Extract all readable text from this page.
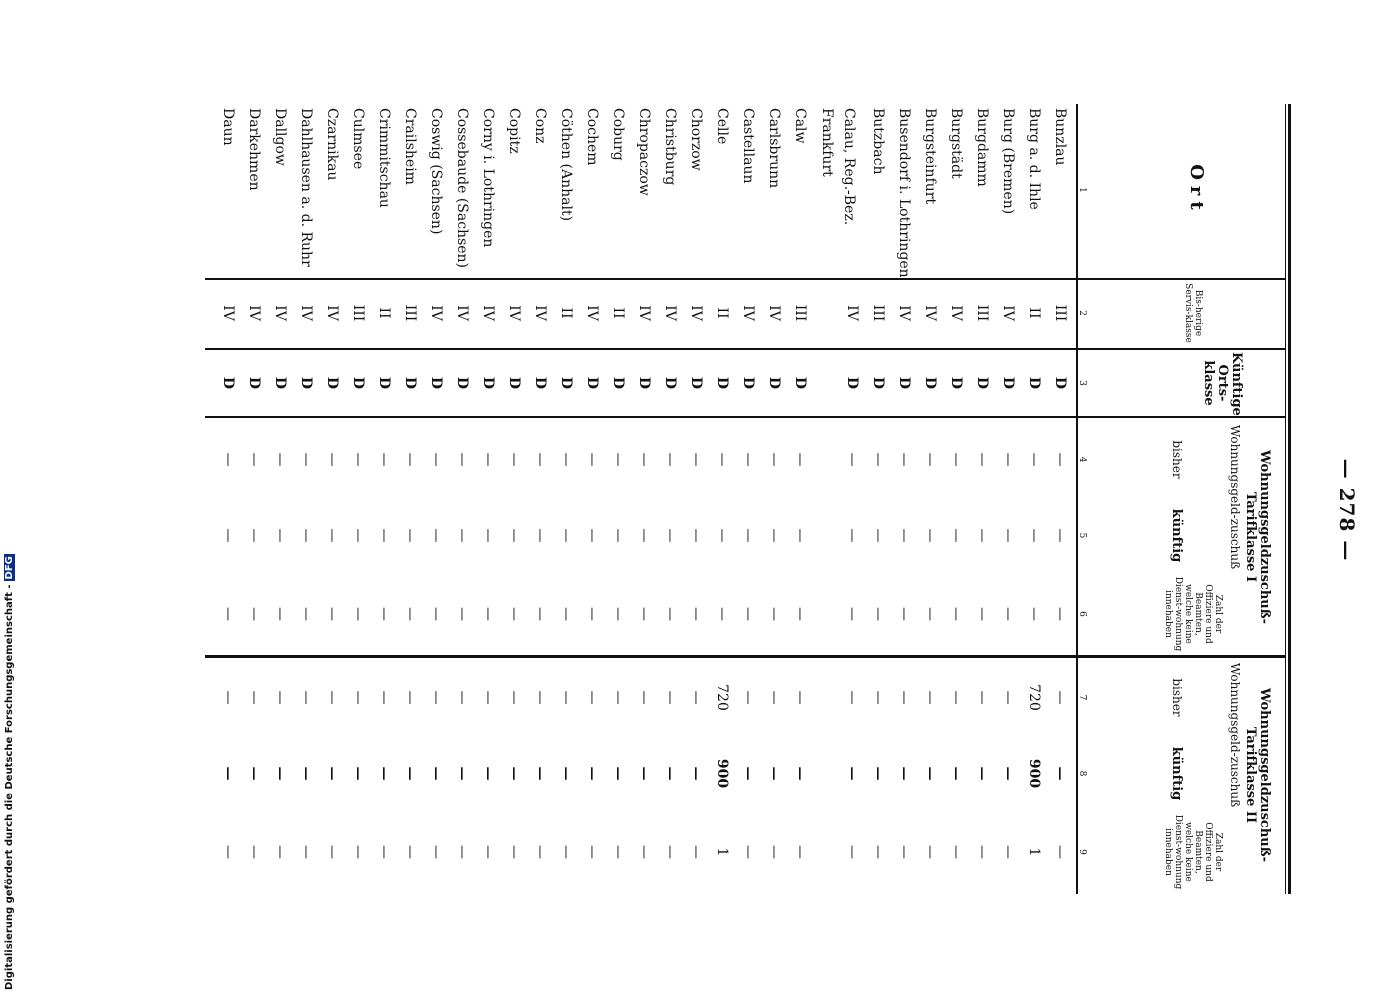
— 278 —
Ort
Bis-herige Servis-klasse
Künftige Orts-klasse
Wohnungsgeldzuschuß-Tarifklasse I
Wohnungsgeld-zuschuß
bisher
künftig
Zahl der Offiziere und Beamten, welche keine Dienst-wohnung innehaben
Wohnungsgeldzuschuß-Tarifklasse II
Wohnungsgeld-zuschuß
bisher
künftig
Zahl der Offiziere und Beamten, welche keine Dienst-wohnung innehaben
1
2
3
4
5
6
7
8
9
Bunzlau
III
D
—
—
—
—
—
—
Burg a. d. Ihle
II
D
—
—
—
720
900
1
Burg (Bremen)
IV
D
—
—
—
—
—
—
Burgdamm
III
D
—
—
—
—
—
—
Burgstädt
IV
D
—
—
—
—
—
—
Burgsteinfurt
IV
D
—
—
—
—
—
—
Busendorf i. Lothringen
IV
D
—
—
—
—
—
—
Butzbach
III
D
—
—
—
—
—
—
Calau, Reg.-Bez. Frankfurt
IV
D
—
—
—
—
—
—
Calw
III
D
—
—
—
—
—
—
Carlsbrunn
IV
D
—
—
—
—
—
—
Castellaun
IV
D
—
—
—
—
—
—
Celle
II
D
—
—
—
720
900
1
Chorzow
IV
D
—
—
—
—
—
—
Christburg
IV
D
—
—
—
—
—
—
Chropaczow
IV
D
—
—
—
—
—
—
Coburg
II
D
—
—
—
—
—
—
Cochem
IV
D
—
—
—
—
—
—
Cöthen (Anhalt)
II
D
—
—
—
—
—
—
Conz
IV
D
—
—
—
—
—
—
Copitz
IV
D
—
—
—
—
—
—
Corny i. Lothringen
IV
D
—
—
—
—
—
—
Cossebaude (Sachsen)
IV
D
—
—
—
—
—
—
Coswig (Sachsen)
IV
D
—
—
—
—
—
—
Crailsheim
III
D
—
—
—
—
—
—
Crimmitschau
II
D
—
—
—
—
—
—
Culmsee
III
D
—
—
—
—
—
—
Czarnikau
IV
D
—
—
—
—
—
—
Dahlhausen a. d. Ruhr
IV
D
—
—
—
—
—
—
Dallgow
IV
D
—
—
—
—
—
—
Darkehmen
IV
D
—
—
—
—
—
—
Daun
IV
D
—
—
—
—
—
—
Digitalisierung gefördert durch die Deutsche Forschungsgemeinschaft -DFG
